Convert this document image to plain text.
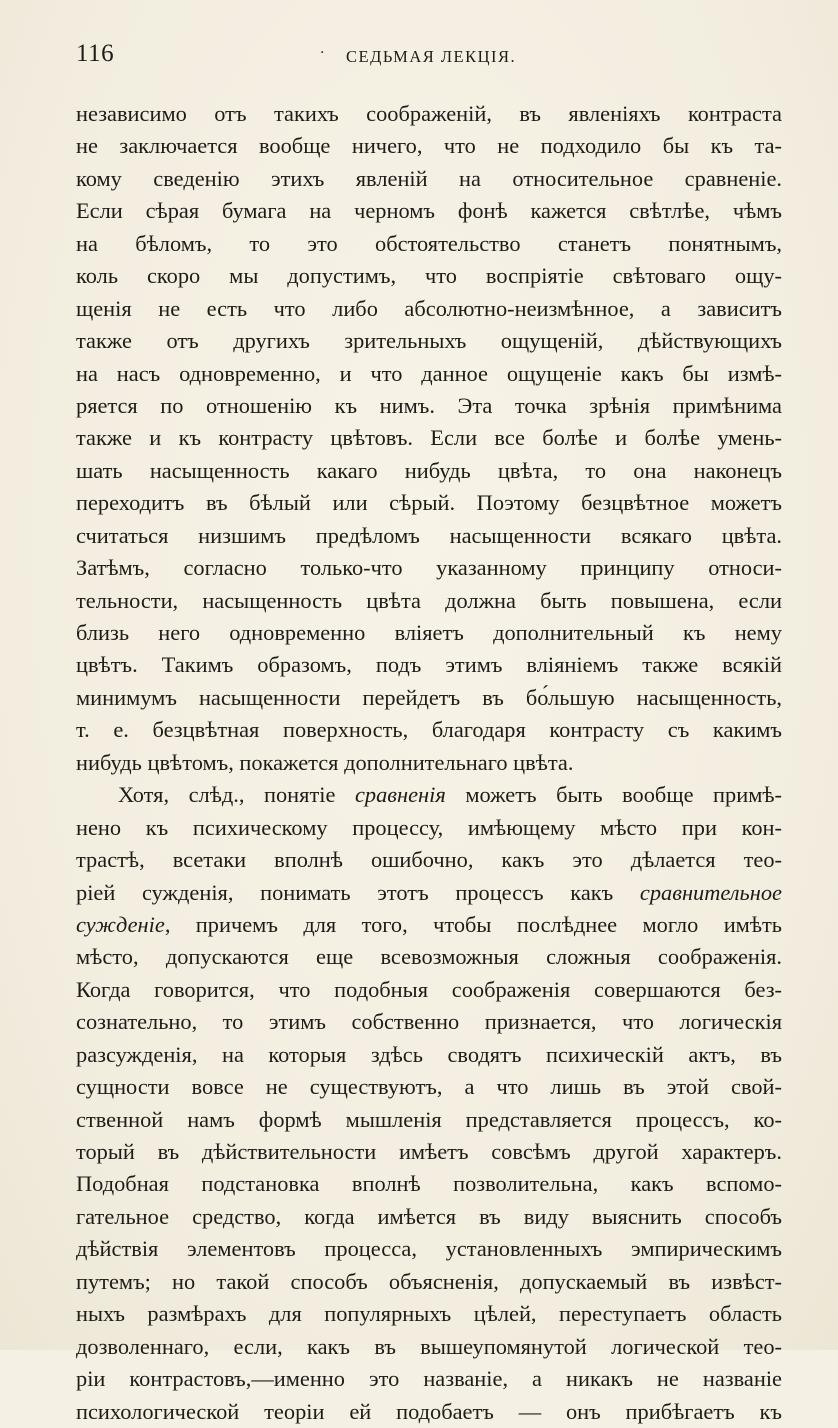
116	· СЕДЬМАЯ ЛЕКЦІЯ.
независимо отъ такихъ соображеній, въ явленіяхъ контраста
не заключается вообще ничего, что не подходило бы къ та-
кому сведенію этихъ явленій на относительное сравненіе.
Если сѣрая бумага на черномъ фонѣ кажется свѣтлѣе, чѣмъ
на бѣломъ, то это обстоятельство станетъ понятнымъ,
коль скоро мы допустимъ, что воспріятіе свѣтоваго ощу-
щенія не есть что либо абсолютно-неизмѣнное, а зависитъ
также отъ другихъ зрительныхъ ощущеній, дѣйствующихъ
на насъ одновременно, и что данное ощущеніе какъ бы измѣ-
ряется по отношенію къ нимъ. Эта точка зрѣнія примѣнима
также и къ контрасту цвѣтовъ. Если все болѣе и болѣе умень-
шать насыщенность какаго нибудь цвѣта, то она наконецъ
переходитъ въ бѣлый или сѣрый. Поэтому безцвѣтное можетъ
считаться низшимъ предѣломъ насыщенности всякаго цвѣта.
Затѣмъ, согласно только-что указанному принципу относи-
тельности, насыщенность цвѣта должна быть повышена, если
близь него одновременно вліяетъ дополнительный къ нему
цвѣтъ. Такимъ образомъ, подъ этимъ вліяніемъ также всякій
минимумъ насыщенности перейдетъ въ бо́льшую насыщенность,
т. е. безцвѣтная поверхность, благодаря контрасту съ какимъ
нибудь цвѣтомъ, покажется дополнительнаго цвѣта.
Хотя, слѣд., понятіе сравненія можетъ быть вообще примѣ-
нено къ психическому процессу, имѣющему мѣсто при кон-
трастѣ, всетаки вполнѣ ошибочно, какъ это дѣлается тео-
ріей сужденія, понимать этотъ процессъ какъ сравнительное
сужденіе, причемъ для того, чтобы послѣднее могло имѣть
мѣсто, допускаются еще всевозможныя сложныя соображенія.
Когда говорится, что подобныя соображенія совершаются без-
сознательно, то этимъ собственно признается, что логическія
разсужденія, на которыя здѣсь сводятъ психическій актъ, въ
сущности вовсе не существуютъ, а что лишь въ этой свой-
ственной намъ формѣ мышленія представляется процессъ, ко-
торый въ дѣйствительности имѣетъ совсѣмъ другой характеръ.
Подобная подстановка вполнѣ позволительна, какъ вспомо-
гательное средство, когда имѣется въ виду выяснить способъ
дѣйствія элементовъ процесса, установленныхъ эмпирическимъ
путемъ; но такой способъ объясненія, допускаемый въ извѣст-
ныхъ размѣрахъ для популярныхъ цѣлей, переступаетъ область
дозволеннаго, если, какъ въ вышеупомянутой логической тео-
ріи контрастовъ,—именно это названіе, а никакъ не названіе
психологической теоріи ей подобаетъ — онъ прибѣгаетъ къ
